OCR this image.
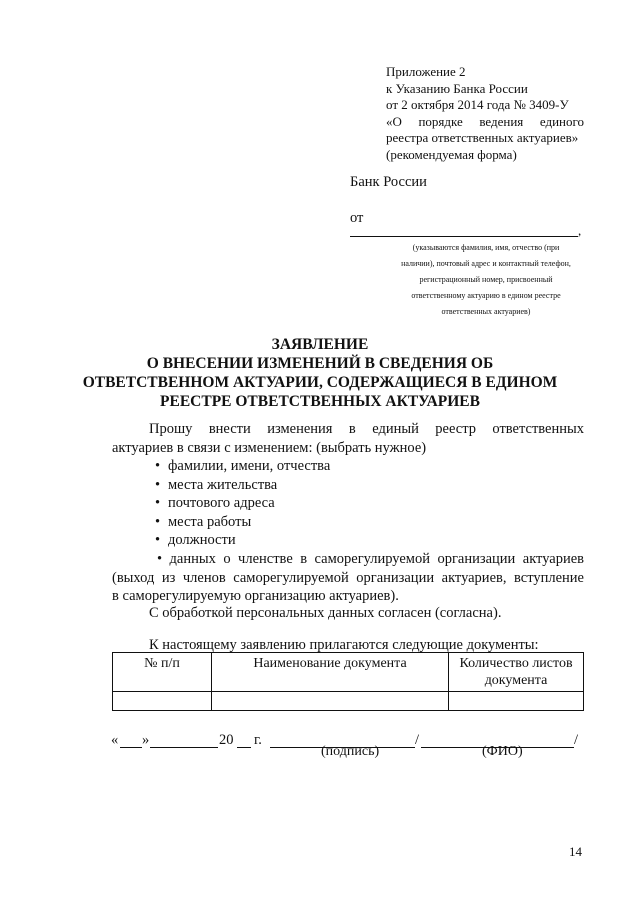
Приложение 2
к Указанию Банка России
от 2 октября 2014 года № 3409-У
«О порядке ведения единого
реестра ответственных актуариев»
(рекомендуемая форма)
Банк России
от
,
(указываются фамилия, имя, отчество (при
наличии), почтовый адрес и контактный телефон,
регистрационный номер, присвоенный
ответственному актуарию в едином реестре
ответственных актуариев)
ЗАЯВЛЕНИЕ
О ВНЕСЕНИИ ИЗМЕНЕНИЙ В СВЕДЕНИЯ ОБ
ОТВЕТСТВЕННОМ АКТУАРИИ, СОДЕРЖАЩИЕСЯ В ЕДИНОМ
РЕЕСТРЕ ОТВЕТСТВЕННЫХ АКТУАРИЕВ
Прошу внести изменения в единый реестр ответственных
актуариев в связи с изменением: (выбрать нужное)
• фамилии, имени, отчества
• места жительства
• почтового адреса
• места работы
• должности
• данных о членстве в саморегулируемой организации актуариев
(выход из членов саморегулируемой организации актуариев, вступление
в саморегулируемую организацию актуариев).
С обработкой персональных данных согласен (согласна).
К настоящему заявлению прилагаются следующие документы:
№ п/п	Наименование документа	Количество листов документа

« »	20 г.	/	/
(подпись)	(ФИО)
14
